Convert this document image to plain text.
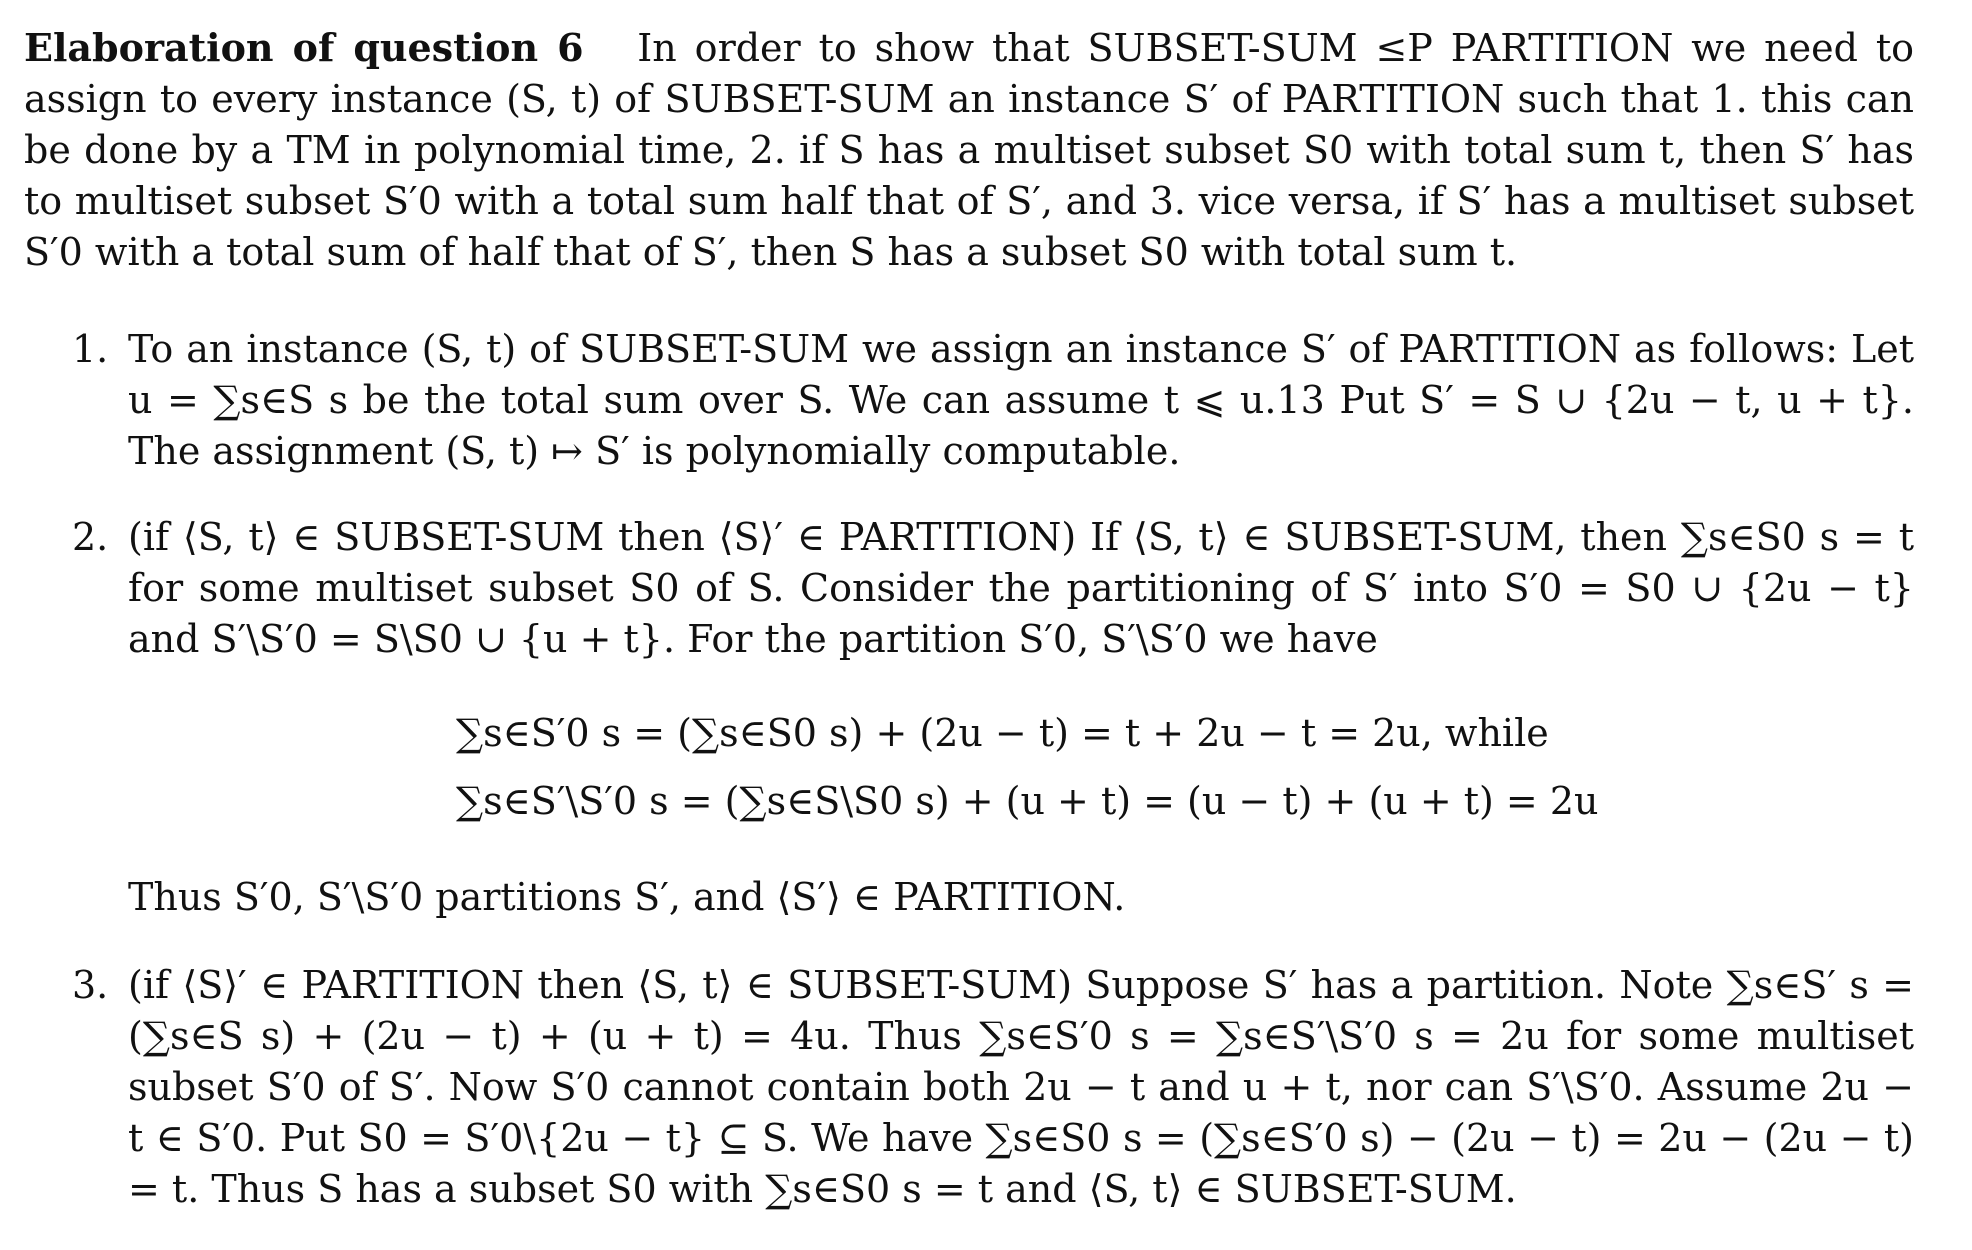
Elaboration of question 6 In order to show that SUBSET-SUM ≤P PARTITION we need to assign to every instance (S, t) of SUBSET-SUM an instance S′ of PARTITION such that 1. this can be done by a TM in polynomial time, 2. if S has a multiset subset S0 with total sum t, then S′ has to multiset subset S′0 with a total sum half that of S′, and 3. vice versa, if S′ has a multiset subset S′0 with a total sum of half that of S′, then S has a subset S0 with total sum t.
1. To an instance (S, t) of SUBSET-SUM we assign an instance S′ of PARTITION as follows: Let u = ∑s∈S s be the total sum over S. We can assume t ⩽ u.13 Put S′ = S ∪ {2u − t, u + t}. The assignment (S, t) ↦ S′ is polynomially computable.
2. (if ⟨S, t⟩ ∈ SUBSET-SUM then ⟨S⟩′ ∈ PARTITION) If ⟨S, t⟩ ∈ SUBSET-SUM, then ∑s∈S0 s = t for some multiset subset S0 of S. Consider the partitioning of S′ into S′0 = S0 ∪ {2u − t} and S′\S′0 = S\S0 ∪ {u + t}. For the partition S′0, S′\S′0 we have
∑s∈S′0 s = (∑s∈S0 s) + (2u − t) = t + 2u − t = 2u, while
∑s∈S′\S′0 s = (∑s∈S\S0 s) + (u + t) = (u − t) + (u + t) = 2u
Thus S′0, S′\S′0 partitions S′, and ⟨S′⟩ ∈ PARTITION.
3. (if ⟨S⟩′ ∈ PARTITION then ⟨S, t⟩ ∈ SUBSET-SUM) Suppose S′ has a partition. Note ∑s∈S′ s = (∑s∈S s) + (2u − t) + (u + t) = 4u. Thus ∑s∈S′0 s = ∑s∈S′\S′0 s = 2u for some multiset subset S′0 of S′. Now S′0 cannot contain both 2u − t and u + t, nor can S′\S′0. Assume 2u − t ∈ S′0. Put S0 = S′0\{2u − t} ⊆ S. We have ∑s∈S0 s = (∑s∈S′0 s) − (2u − t) = 2u − (2u − t) = t. Thus S has a subset S0 with ∑s∈S0 s = t and ⟨S, t⟩ ∈ SUBSET-SUM.
